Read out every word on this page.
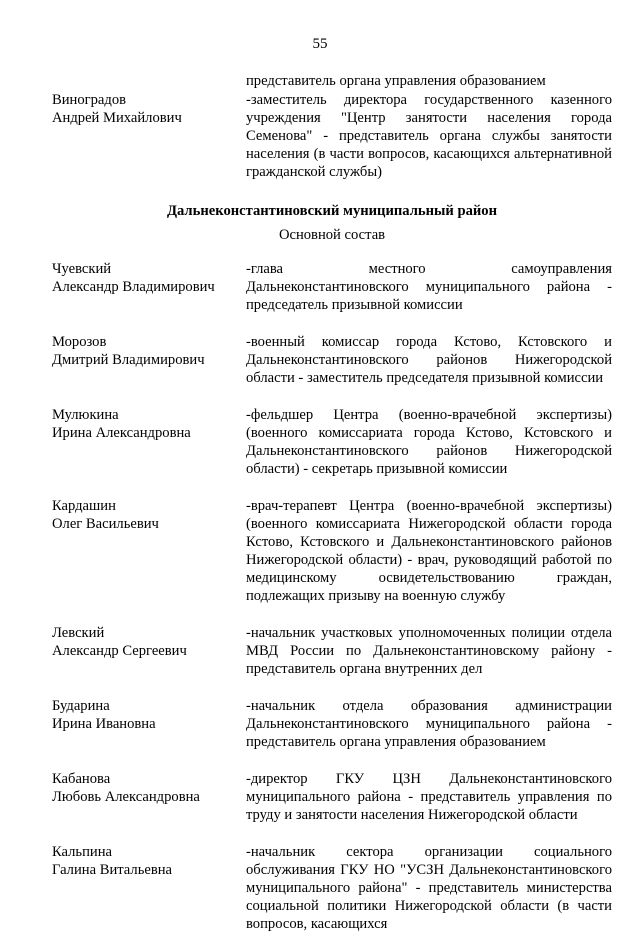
55
представитель органа управления образованием
Виноградов
Андрей Михайлович
-заместитель директора государственного казенного учреждения "Центр занятости населения города Семенова" - представитель органа службы занятости населения (в части вопросов, касающихся альтернативной гражданской службы)
Дальнеконстантиновский муниципальный район
Основной состав
Чуевский
Александр Владимирович
-глава местного самоуправления Дальнеконстантиновского муниципального района - председатель призывной комиссии
Морозов
Дмитрий Владимирович
-военный комиссар города Кстово, Кстовского и Дальнеконстантиновского районов Нижегородской области - заместитель председателя призывной комиссии
Мулюкина
Ирина Александровна
-фельдшер Центра (военно-врачебной экспертизы) (военного комиссариата города Кстово, Кстовского и Дальнеконстантиновского районов Нижегородской области) - секретарь призывной комиссии
Кардашин
Олег Васильевич
-врач-терапевт Центра (военно-врачебной экспертизы) (военного комиссариата Нижегородской области города Кстово, Кстовского и Дальнеконстантиновского районов Нижегородской области) - врач, руководящий работой по медицинскому освидетельствованию граждан, подлежащих призыву на военную службу
Левский
Александр Сергеевич
-начальник участковых уполномоченных полиции отдела МВД России по Дальнеконстантиновскому району - представитель органа внутренних дел
Бударина
Ирина Ивановна
-начальник отдела образования администрации Дальнеконстантиновского муниципального района - представитель органа управления образованием
Кабанова
Любовь Александровна
-директор ГКУ ЦЗН Дальнеконстантиновского муниципального района - представитель управления по труду и занятости населения Нижегородской области
Кальпина
Галина Витальевна
-начальник сектора организации социального обслуживания ГКУ НО "УСЗН Дальнеконстантиновского муниципального района" - представитель министерства социальной политики Нижегородской области (в части вопросов, касающихся
